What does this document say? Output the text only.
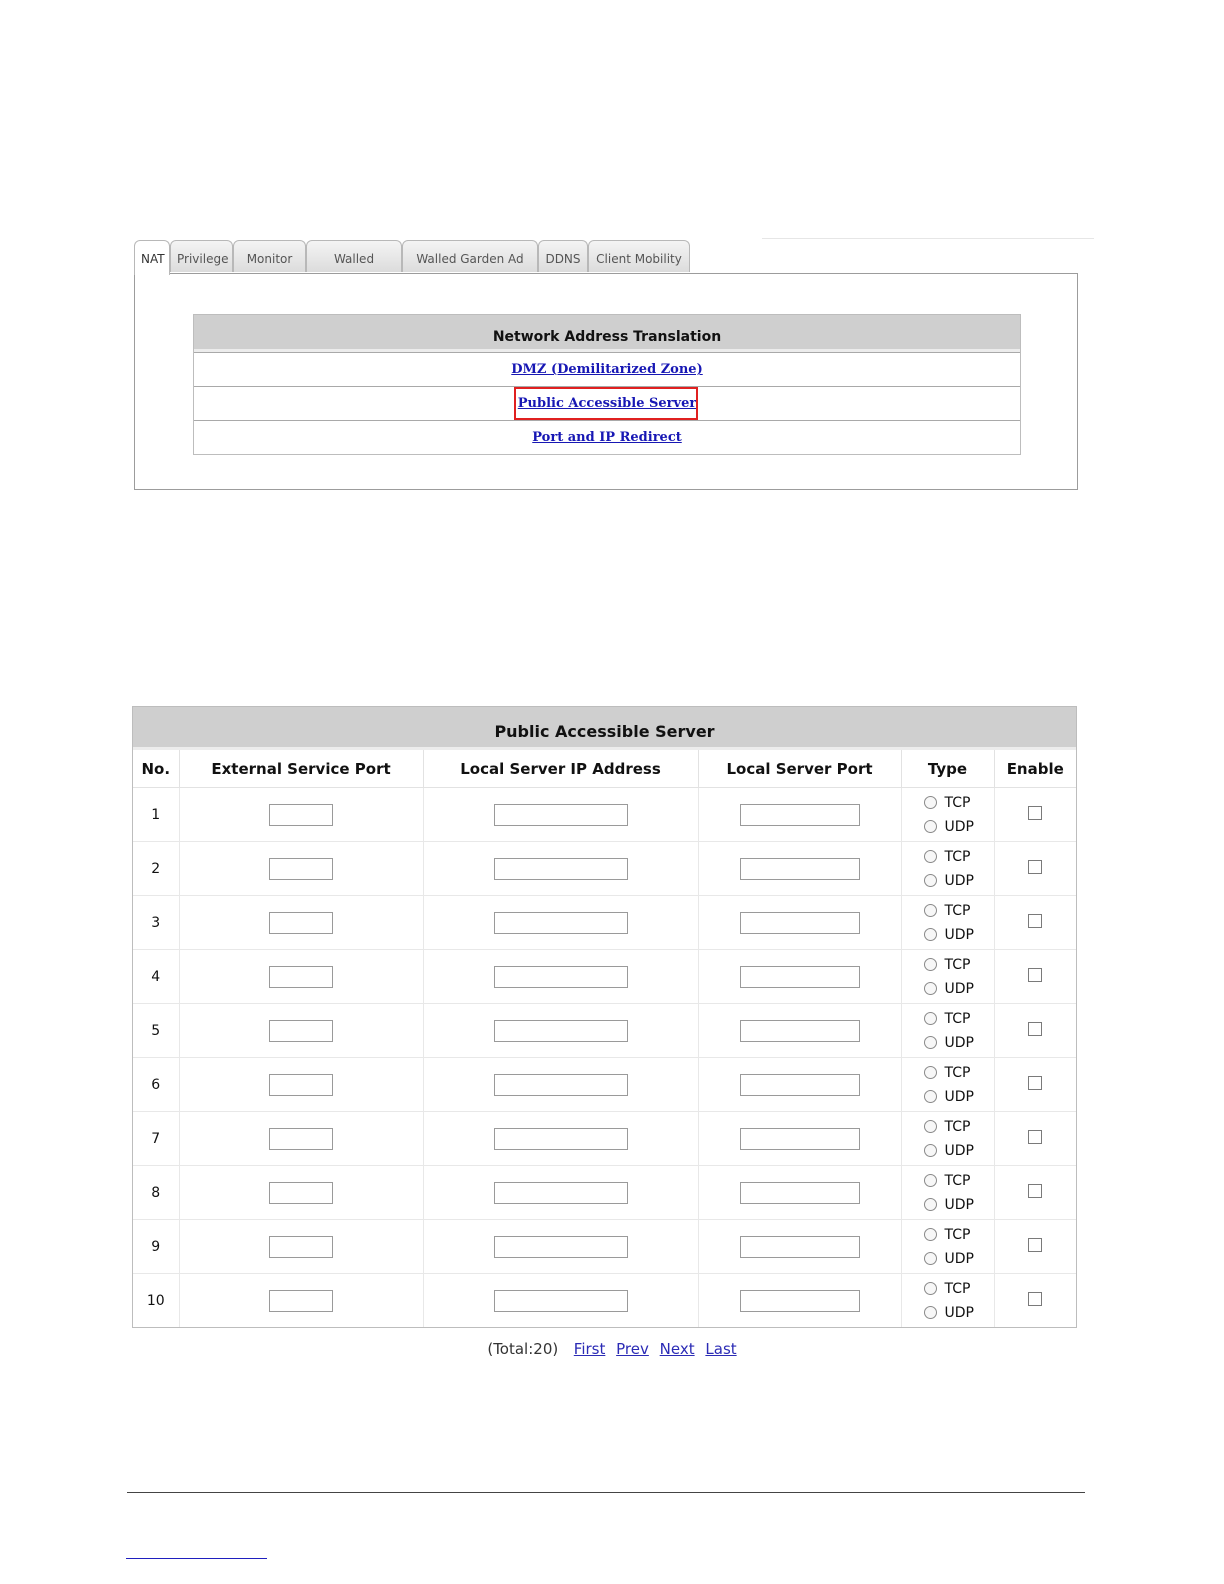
NAT	Privilege	Monitor	Walled	Walled Garden Ad	DDNS	Client Mobility
Network Address Translation
DMZ (Demilitarized Zone)
Public Accessible Server
Port and IP Redirect
Public Accessible Server
No.	External Service Port	Local Server IP Address	Local Server Port	Type	Enable
1				TCP
UDP	

2				TCP
UDP	

3				TCP
UDP	

4				TCP
UDP	

5				TCP
UDP	

6				TCP
UDP	

7				TCP
UDP	

8				TCP
UDP	

9				TCP
UDP	

10				TCP
UDP	

(Total:20) First Prev Next Last
